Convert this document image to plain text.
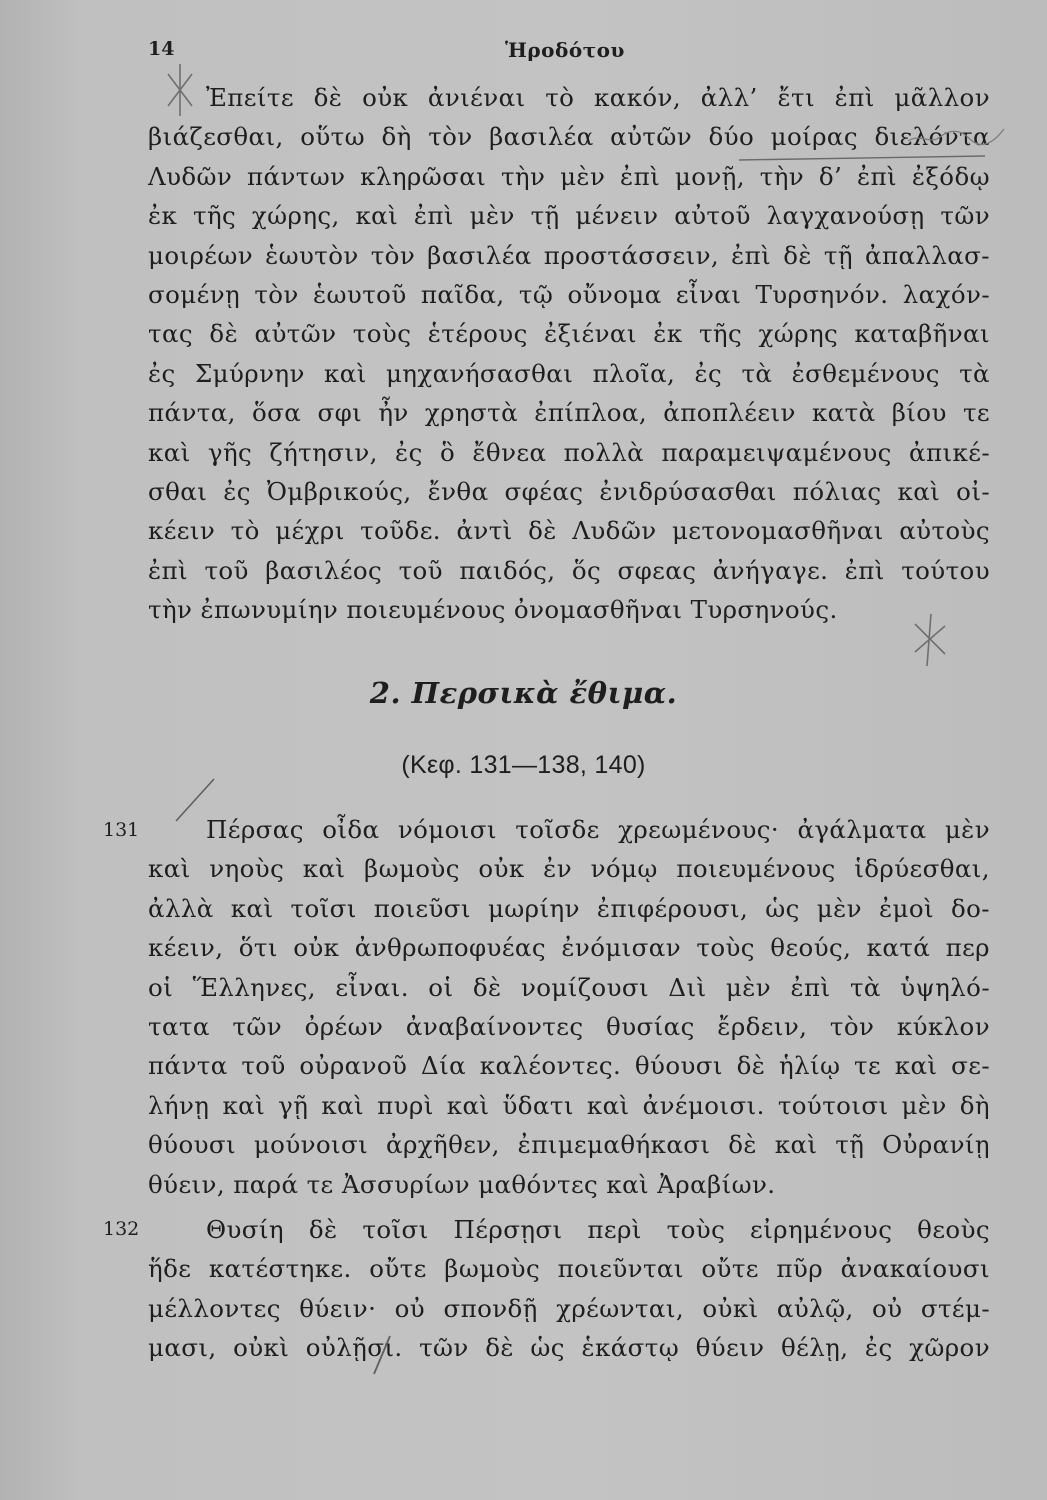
14	Ἡροδότου
Ἐπείτε δὲ οὐκ ἀνιέναι τὸ κακόν, ἀλλ’ ἔτι ἐπὶ μᾶλλον
βιάζεσθαι, οὕτω δὴ τὸν βασιλέα αὐτῶν δύο μοίρας διελόντα
Λυδῶν πάντων κληρῶσαι τὴν μὲν ἐπὶ μονῇ, τὴν δ’ ἐπὶ ἐξόδῳ
ἐκ τῆς χώρης, καὶ ἐπὶ μὲν τῇ μένειν αὐτοῦ λαγχανούσῃ τῶν
μοιρέων ἑωυτὸν τὸν βασιλέα προστάσσειν, ἐπὶ δὲ τῇ ἀπαλλασ-
σομένῃ τὸν ἑωυτοῦ παῖδα, τῷ οὔνομα εἶναι Τυρσηνόν. λαχόν-
τας δὲ αὐτῶν τοὺς ἑτέρους ἐξιέναι ἐκ τῆς χώρης καταβῆναι
ἐς Σμύρνην καὶ μηχανήσασθαι πλοῖα, ἐς τὰ ἐσθεμένους τὰ
πάντα, ὅσα σφι ἦν χρηστὰ ἐπίπλοα, ἀποπλέειν κατὰ βίου τε
καὶ γῆς ζήτησιν, ἐς ὃ ἔθνεα πολλὰ παραμειψαμένους ἀπικέ-
σθαι ἐς Ὀμβρικούς, ἔνθα σφέας ἐνιδρύσασθαι πόλιας καὶ οἰ-
κέειν τὸ μέχρι τοῦδε. ἀντὶ δὲ Λυδῶν μετονομασθῆναι αὐτοὺς
ἐπὶ τοῦ βασιλέος τοῦ παιδός, ὅς σφεας ἀνήγαγε. ἐπὶ τούτου
τὴν ἐπωνυμίην ποιευμένους ὀνομασθῆναι Τυρσηνούς.
2. Περσικὰ ἔθιμα.
(Κεφ. 131—138, 140)
131	Πέρσας οἶδα νόμοισι τοῖσδε χρεωμένους· ἀγάλματα μὲν
καὶ νηοὺς καὶ βωμοὺς οὐκ ἐν νόμῳ ποιευμένους ἱδρύεσθαι,
ἀλλὰ καὶ τοῖσι ποιεῦσι μωρίην ἐπιφέρουσι, ὡς μὲν ἐμοὶ δο-
κέειν, ὅτι οὐκ ἀνθρωποφυέας ἐνόμισαν τοὺς θεούς, κατά περ
οἱ Ἕλληνες, εἶναι. οἱ δὲ νομίζουσι Διὶ μὲν ἐπὶ τὰ ὑψηλό-
τατα τῶν ὀρέων ἀναβαίνοντες θυσίας ἔρδειν, τὸν κύκλον
πάντα τοῦ οὐρανοῦ Δία καλέοντες. θύουσι δὲ ἡλίῳ τε καὶ σε-
λήνῃ καὶ γῇ καὶ πυρὶ καὶ ὕδατι καὶ ἀνέμοισι. τούτοισι μὲν δὴ
θύουσι μούνοισι ἀρχῆθεν, ἐπιμεμαθήκασι δὲ καὶ τῇ Οὐρανίῃ
θύειν, παρά τε Ἀσσυρίων μαθόντες καὶ Ἀραβίων.
132	Θυσίη δὲ τοῖσι Πέρσῃσι περὶ τοὺς εἰρημένους θεοὺς
ἥδε κατέστηκε. οὔτε βωμοὺς ποιεῦνται οὔτε πῦρ ἀνακαίουσι
μέλλοντες θύειν· οὐ σπονδῇ χρέωνται, οὐκὶ αὐλῷ, οὐ στέμ-
μασι, οὐκὶ οὐλῇσι. τῶν δὲ ὡς ἑκάστῳ θύειν θέλῃ, ἐς χῶρον
